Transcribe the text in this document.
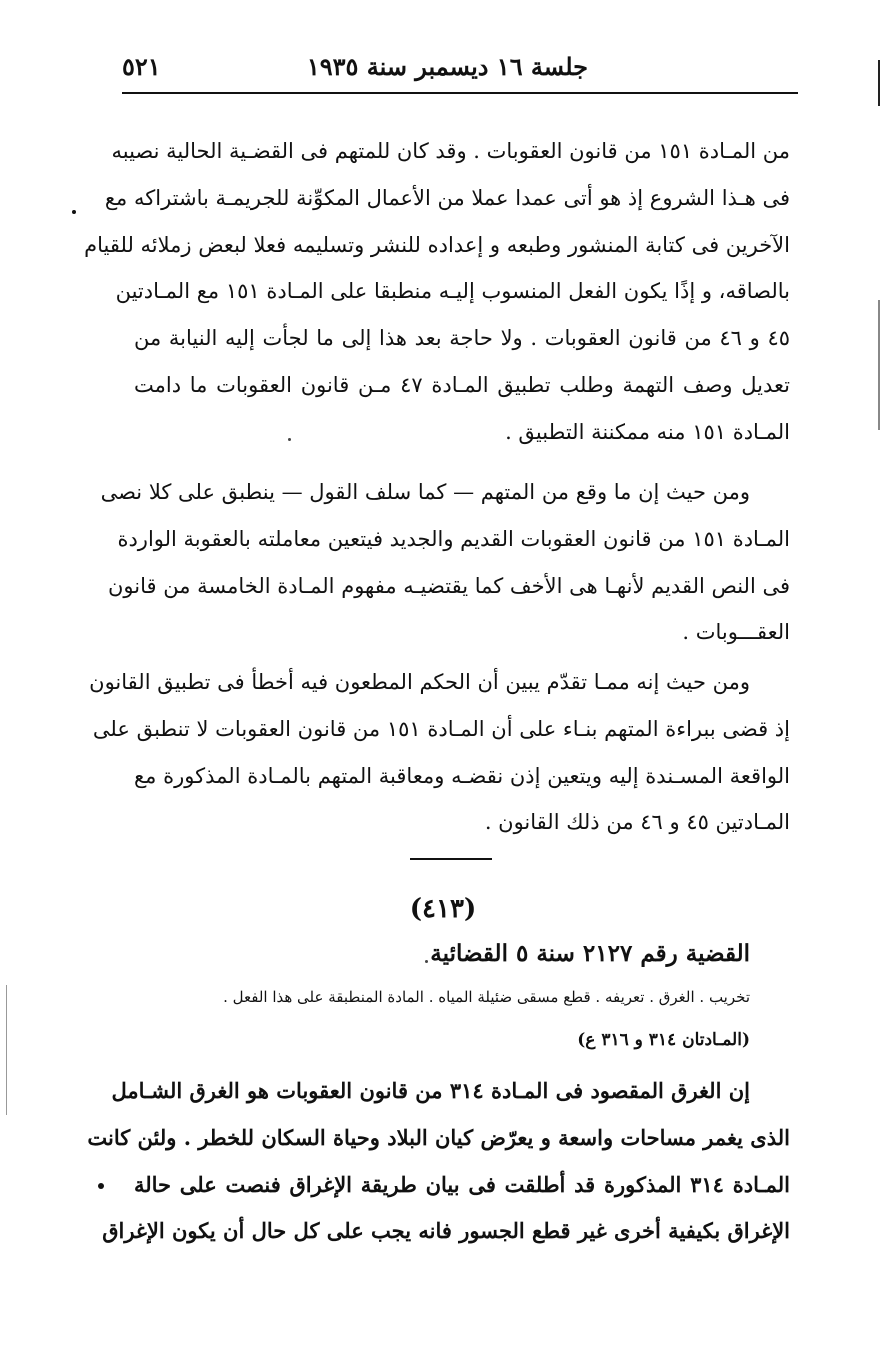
جلسة ١٦ ديسمبر سنة ١٩٣٥
٥٢١
من المـادة ١٥١ من قانون العقوبات . وقد كان للمتهم فى القضـية الحالية نصيبه
فى هـذا الشروع إذ هو أتى عمدا عملا من الأعمال المكوِّنة للجريمـة باشتراكه مع
الآخرين فى كتابة المنشور وطبعه و إعداده للنشر وتسليمه فعلا لبعض زملائه للقيام
بالصاقه، و إذًا يكون الفعل المنسوب إليـه منطبقا على المـادة ١٥١ مع المـادتين
٤٥ و ٤٦ من قانون العقوبات . ولا حاجة بعد هذا إلى ما لجأت إليه النيابة من
تعديل وصف التهمة وطلب تطبيق المـادة ٤٧ مـن قانون العقوبات ما دامت
المـادة ١٥١ منه ممكننة التطبيق .
ومن حيث إن ما وقع من المتهم — كما سلف القول — ينطبق على كلا نصى
المـادة ١٥١ من قانون العقوبات القديم والجديد فيتعين معاملته بالعقوبة الواردة
فى النص القديم لأنهـا هى الأخف كما يقتضيـه مفهوم المـادة الخامسة من قانون
العقـــوبات .
ومن حيث إنه ممـا تقدّم يبين أن الحكم المطعون فيه أخطأ فى تطبيق القانون
إذ قضى ببراءة المتهم بنـاء على أن المـادة ١٥١ من قانون العقوبات لا تنطبق على
الواقعة المسـندة إليه ويتعين إذن نقضـه ومعاقبة المتهم بالمـادة المذكورة مع
المـادتين ٤٥ و ٤٦ من ذلك القانون .
(٤١٣)
القضية رقم ٢١٢٧ سنة ٥ القضائية
تخريب . الغرق . تعريفه . قطع مسقى ضئيلة المياه . المادة المنطبقة على هذا الفعل .
(المـادتان ٣١٤ و ٣١٦ ع)
إن الغرق المقصود فى المـادة ٣١٤ من قانون العقوبات هو الغرق الشـامل
الذى يغمر مساحات واسعة و يعرّض كيان البلاد وحياة السكان للخطر . ولئن كانت
المـادة ٣١٤ المذكورة قد أطلقت فى بيان طريقة الإغراق فنصت على حالة
الإغراق بكيفية أخرى غير قطع الجسور فانه يجب على كل حال أن يكون الإغراق
